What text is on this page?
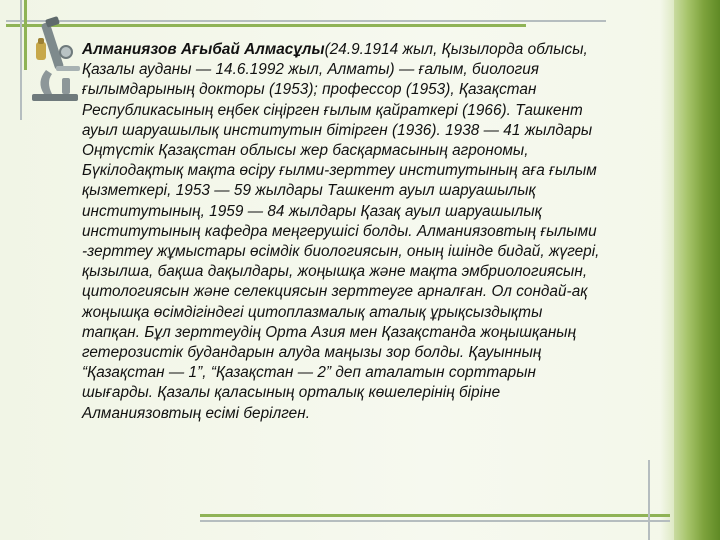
Алманиязов Ағыбай Алмасұлы(24.9.1914 жыл, Қызылорда облысы,
Қазалы ауданы — 14.6.1992 жыл, Алматы) — ғалым, биология
ғылымдарының докторы (1953); профессор (1953), Қазақстан
Республикасының еңбек сіңірген ғылым қайраткері (1966). Ташкент
ауыл шаруашылық институтын бітірген (1936). 1938 — 41 жылдары
Оңтүстік Қазақстан облысы жер басқармасының агрономы,
Бүкілодақтық мақта өсіру ғылми-зерттеу институтының аға ғылым
қызметкері, 1953 — 59 жылдары Ташкент ауыл шаруашылық
институтының, 1959 — 84 жылдары Қазақ ауыл шаруашылық
институтының кафедра меңгерушісі болды. Алманиязовтың ғылыми
-зерттеу жұмыстары өсімдік биологиясын, оның ішінде бидай, жүгері,
қызылша, бақша дақылдары, жоңышқа және мақта эмбриологиясын,
цитологиясын және селекциясын зерттеуге арналған. Ол сондай-ақ
жоңышқа өсімдігіндегі цитоплазмалық аталық ұрықсыздықты
тапқан. Бұл зерттеудің Орта Азия мен Қазақстанда жоңышқаның
гетерозистік будандарын алуда маңызы зор болды. Қауынның
“Қазақстан — 1”, “Қазақстан — 2” деп аталатын сорттарын
шығарды. Қазалы қаласының орталық көшелерінің біріне
Алманиязовтың есімі берілген.
